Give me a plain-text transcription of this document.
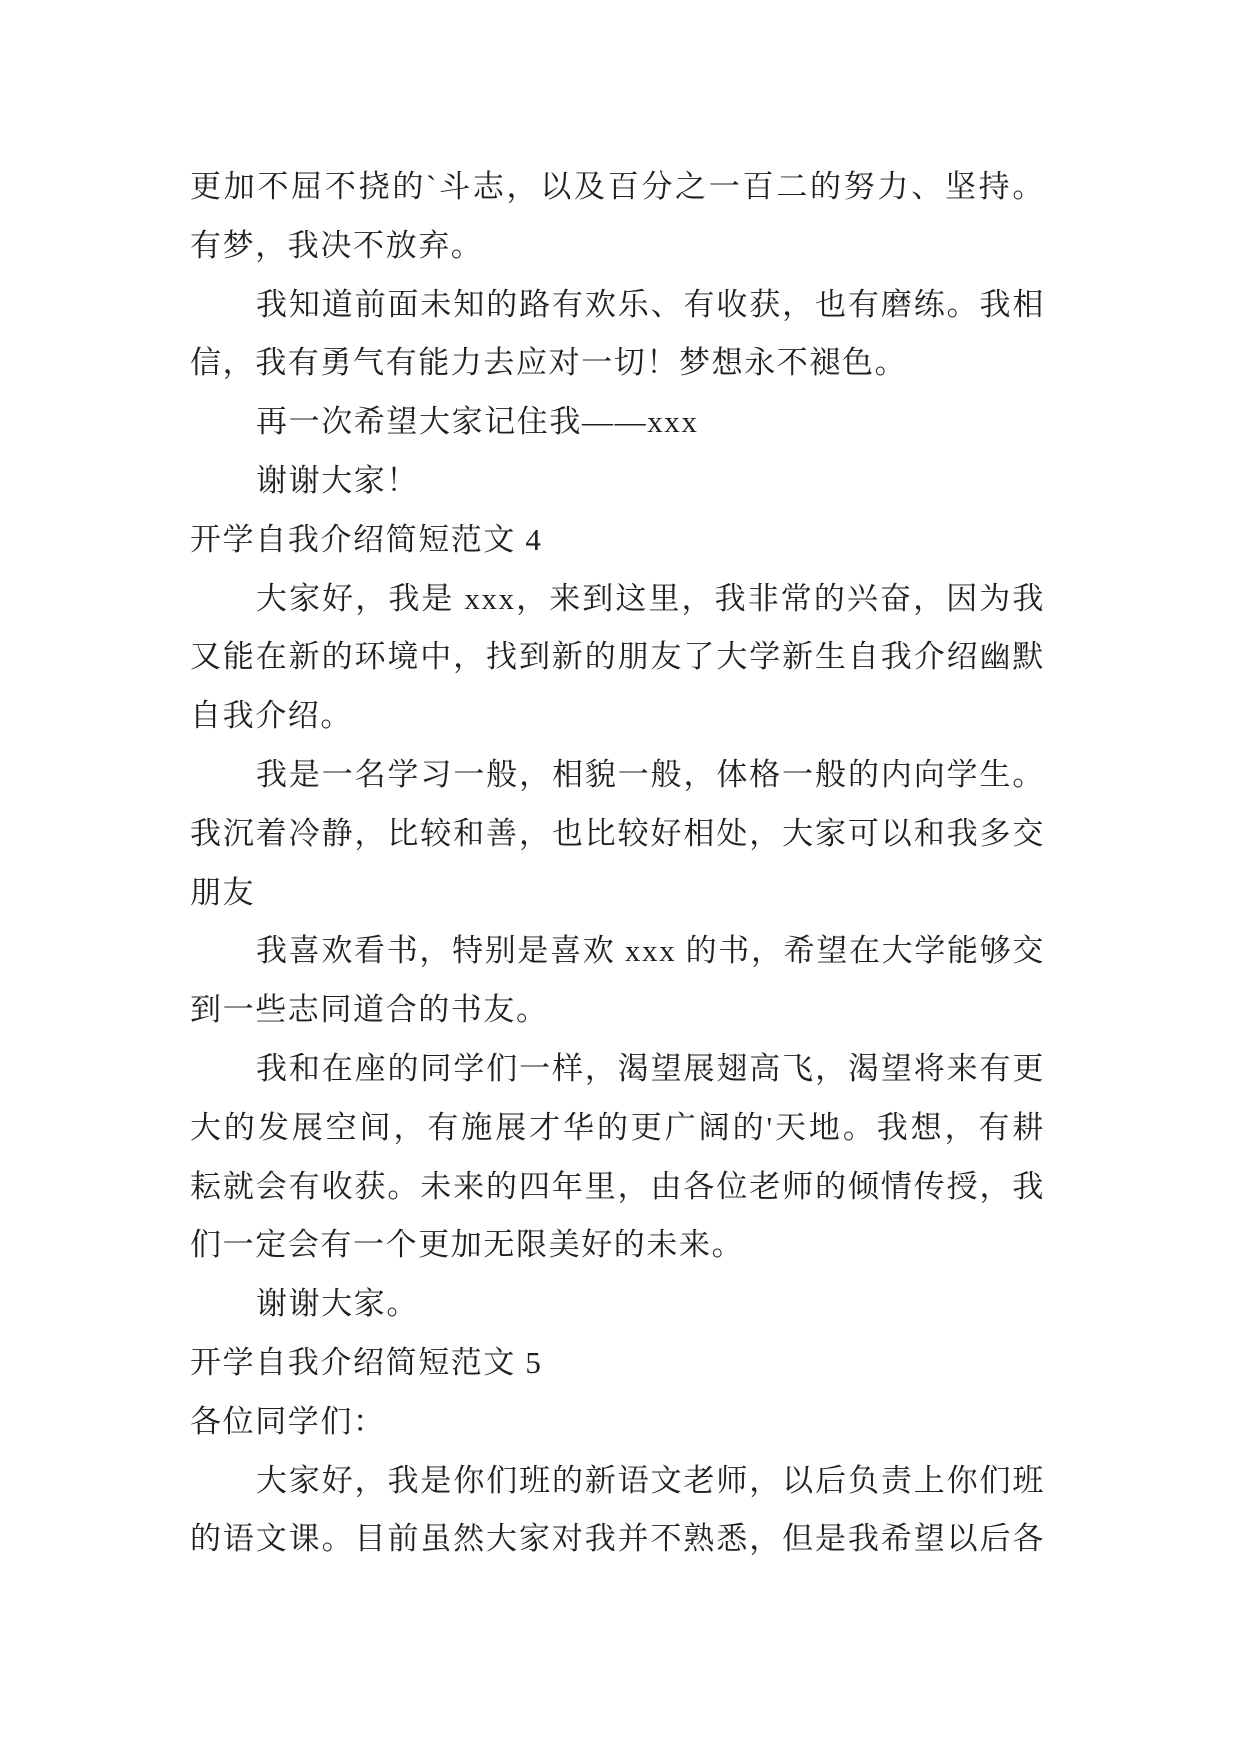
更加不屈不挠的`斗志，以及百分之一百二的努力、坚持。
有梦，我决不放弃。
我知道前面未知的路有欢乐、有收获，也有磨练。我相
信，我有勇气有能力去应对一切！梦想永不褪色。
再一次希望大家记住我——xxx
谢谢大家！
开学自我介绍简短范文 4
大家好，我是 xxx，来到这里，我非常的兴奋，因为我
又能在新的环境中，找到新的朋友了大学新生自我介绍幽默
自我介绍。
我是一名学习一般，相貌一般，体格一般的内向学生。
我沉着冷静，比较和善，也比较好相处，大家可以和我多交
朋友
我喜欢看书，特别是喜欢 xxx 的书，希望在大学能够交
到一些志同道合的书友。
我和在座的同学们一样，渴望展翅高飞，渴望将来有更
大的发展空间，有施展才华的更广阔的'天地。我想，有耕
耘就会有收获。未来的四年里，由各位老师的倾情传授，我
们一定会有一个更加无限美好的未来。
谢谢大家。
开学自我介绍简短范文 5
各位同学们：
大家好，我是你们班的新语文老师，以后负责上你们班
的语文课。目前虽然大家对我并不熟悉，但是我希望以后各
